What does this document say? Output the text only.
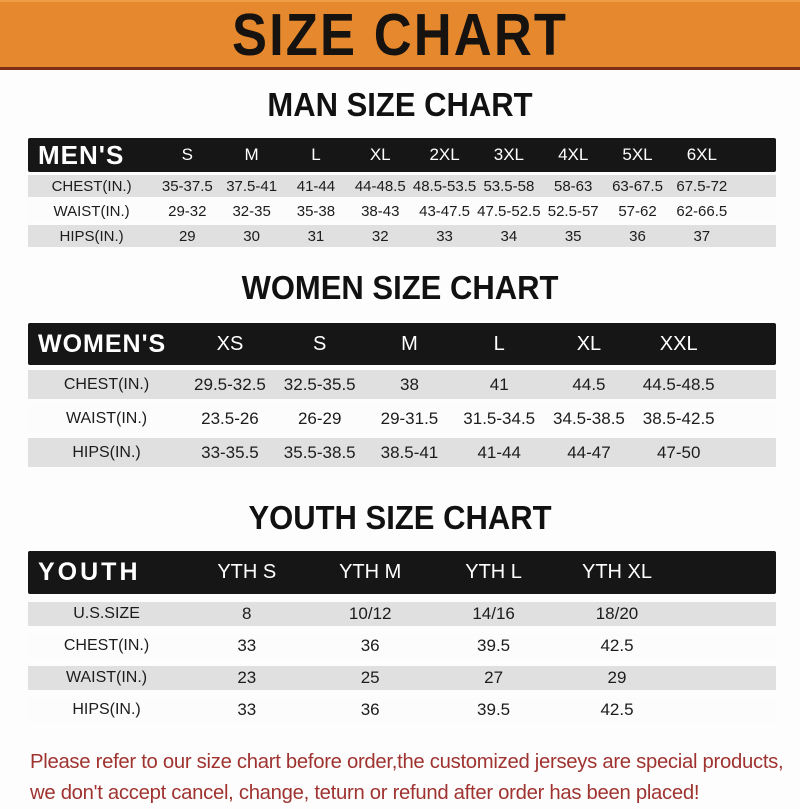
SIZE CHART
MAN SIZE CHART
MEN'S	S	M	L	XL	2XL	3XL	4XL	5XL	6XL
CHEST(IN.)	35-37.5 37.5-41	41-44	44-48.5 48.5-53.5 53.5-58	58-63	63-67.5 67.5-72
WAIST(IN.)	29-32	32-35	35-38	38-43	43-47.5 47.5-52.5 52.5-57	57-62	62-66.5
HIPS(IN.)	29	30	31	32	33	34	35	36	37
WOMEN SIZE CHART
WOMEN'S	XS	S	M	L	XL	XXL
CHEST(IN.)	29.5-32.5	32.5-35.5	38	41	44.5	44.5-48.5
WAIST(IN.)	23.5-26	26-29	29-31.5	31.5-34.5	34.5-38.5	38.5-42.5
HIPS(IN.)	33-35.5	35.5-38.5	38.5-41	41-44	44-47	47-50
YOUTH SIZE CHART
YOUTH	YTH S	YTH M	YTH L	YTH XL
U.S.SIZE	8	10/12	14/16	18/20
CHEST(IN.)	33	36	39.5	42.5
WAIST(IN.)	23	25	27	29
HIPS(IN.)	33	36	39.5	42.5
Please refer to our size chart before order,the customized jerseys are special products,
we don't accept cancel, change, teturn or refund after order has been placed!
